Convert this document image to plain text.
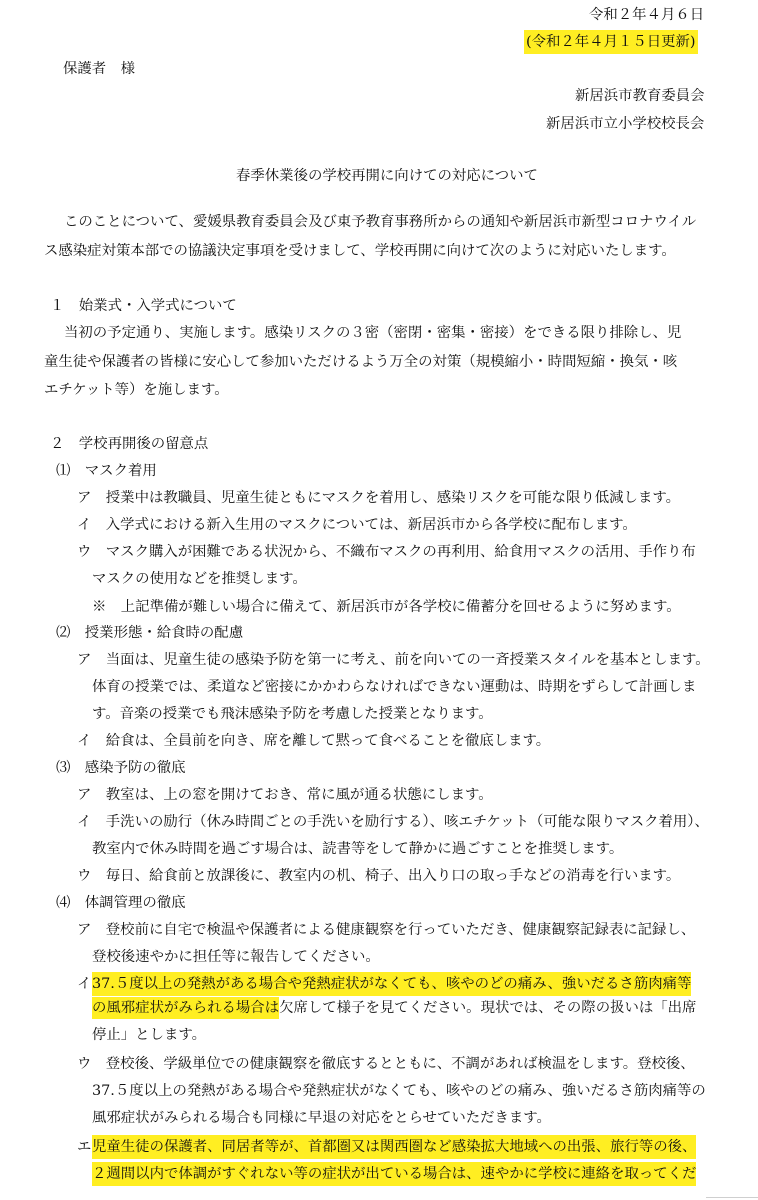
令和２年４月６日
(令和２年４月１５日更新)
保護者　様
新居浜市教育委員会
新居浜市立小学校校長会
春季休業後の学校再開に向けての対応について
このことについて、愛媛県教育委員会及び東予教育事務所からの通知や新居浜市新型コロナウイル
ス感染症対策本部での協議決定事項を受けまして、学校再開に向けて次のように対応いたします。
１　始業式・入学式について
当初の予定通り、実施します。感染リスクの３密（密閉・密集・密接）をできる限り排除し、児
童生徒や保護者の皆様に安心して参加いただけるよう万全の対策（規模縮小・時間短縮・換気・咳
エチケット等）を施します。
２　学校再開後の留意点
⑴　マスク着用
ア　授業中は教職員、児童生徒ともにマスクを着用し、感染リスクを可能な限り低減します。
イ　入学式における新入生用のマスクについては、新居浜市から各学校に配布します。
ウ　マスク購入が困難である状況から、不織布マスクの再利用、給食用マスクの活用、手作り布
マスクの使用などを推奨します。
※　上記準備が難しい場合に備えて、新居浜市が各学校に備蓄分を回せるように努めます。
⑵　授業形態・給食時の配慮
ア　当面は、児童生徒の感染予防を第一に考え、前を向いての一斉授業スタイルを基本とします。
体育の授業では、柔道など密接にかかわらなければできない運動は、時期をずらして計画しま
す。音楽の授業でも飛沫感染予防を考慮した授業となります。
イ　給食は、全員前を向き、席を離して黙って食べることを徹底します。
⑶　感染予防の徹底
ア　教室は、上の窓を開けておき、常に風が通る状態にします。
イ　手洗いの励行（休み時間ごとの手洗いを励行する）、咳エチケット（可能な限りマスク着用）、
教室内で休み時間を過ごす場合は、読書等をして静かに過ごすことを推奨します。
ウ　毎日、給食前と放課後に、教室内の机、椅子、出入り口の取っ手などの消毒を行います。
⑷　体調管理の徹底
ア　登校前に自宅で検温や保護者による健康観察を行っていただき、健康観察記録表に記録し、
登校後速やかに担任等に報告してください。
イ 37.５度以上の発熱がある場合や発熱症状がなくても、咳やのどの痛み、強いだるさ筋肉痛等
の風邪症状がみられる場合は欠席して様子を見てください。現状では、その際の扱いは「出席
停止」とします。
ウ　登校後、学級単位での健康観察を徹底するとともに、不調があれば検温をします。登校後、
37.５度以上の発熱がある場合や発熱症状がなくても、咳やのどの痛み、強いだるさ筋肉痛等の
風邪症状がみられる場合も同様に早退の対応をとらせていただきます。
エ 児童生徒の保護者、同居者等が、首都圏又は関西圏など感染拡大地域への出張、旅行等の後、
２週間以内で体調がすぐれない等の症状が出ている場合は、速やかに学校に連絡を取ってくだ
